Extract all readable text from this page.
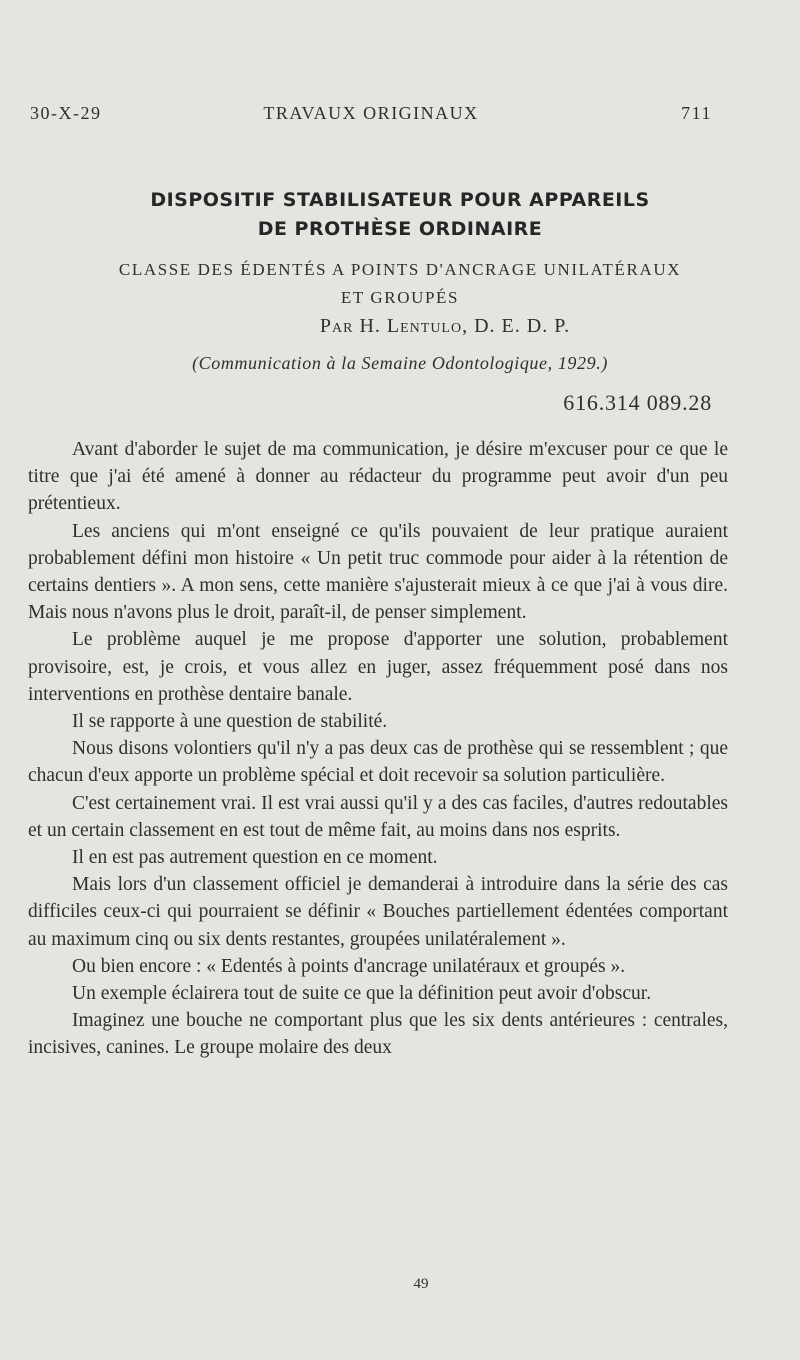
30-X-29	TRAVAUX ORIGINAUX	711
DISPOSITIF STABILISATEUR POUR APPAREILS
DE PROTHÈSE ORDINAIRE
CLASSE DES ÉDENTÉS A POINTS D'ANCRAGE UNILATÉRAUX
ET GROUPÉS
Par H. Lentulo, D. E. D. P.
(Communication à la Semaine Odontologique, 1929.)
616.314 089.28

Avant d'aborder le sujet de ma communication, je désire m'excuser pour ce que le titre que j'ai été amené à donner au rédacteur du programme peut avoir d'un peu prétentieux.

Les anciens qui m'ont enseigné ce qu'ils pouvaient de leur pratique auraient probablement défini mon histoire « Un petit truc commode pour aider à la rétention de certains dentiers ». A mon sens, cette manière s'ajusterait mieux à ce que j'ai à vous dire. Mais nous n'avons plus le droit, paraît-il, de penser simplement.

Le problème auquel je me propose d'apporter une solution, probablement provisoire, est, je crois, et vous allez en juger, assez fréquemment posé dans nos interventions en prothèse dentaire banale.

Il se rapporte à une question de stabilité.

Nous disons volontiers qu'il n'y a pas deux cas de prothèse qui se ressemblent ; que chacun d'eux apporte un problème spécial et doit recevoir sa solution particulière.

C'est certainement vrai. Il est vrai aussi qu'il y a des cas faciles, d'autres redoutables et un certain classement en est tout de même fait, au moins dans nos esprits.

Il en est pas autrement question en ce moment.

Mais lors d'un classement officiel je demanderai à introduire dans la série des cas difficiles ceux-ci qui pourraient se définir « Bouches partiellement édentées comportant au maximum cinq ou six dents restantes, groupées unilatéralement ».

Ou bien encore : « Edentés à points d'ancrage unilatéraux et groupés ».

Un exemple éclairera tout de suite ce que la définition peut avoir d'obscur.

Imaginez une bouche ne comportant plus que les six dents antérieures : centrales, incisives, canines. Le groupe molaire des deux

49
